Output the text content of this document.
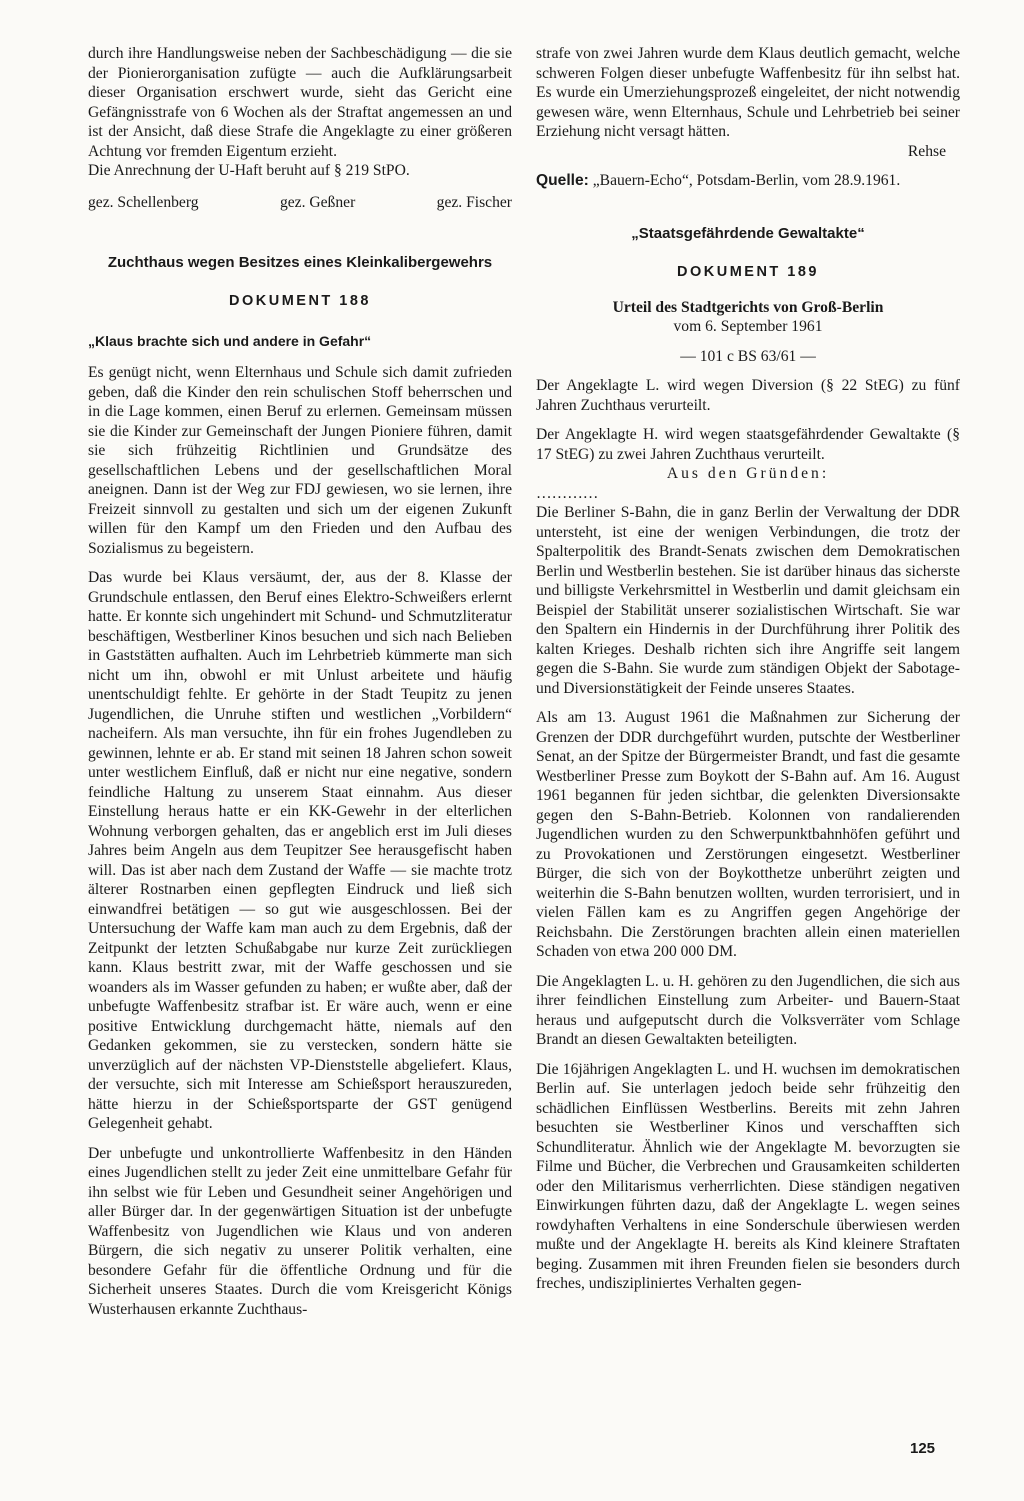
durch ihre Handlungsweise neben der Sachbeschädigung — die sie der Pionierorganisation zufügte — auch die Aufklärungsarbeit dieser Organisation erschwert wurde, sieht das Gericht eine Gefängnisstrafe von 6 Wochen als der Straftat angemessen an und ist der Ansicht, daß diese Strafe die Angeklagte zu einer größeren Achtung vor fremden Eigentum erzieht.

Die Anrechnung der U-Haft beruht auf § 219 StPO.

gez. Schellenberg	gez. Geßner	gez. Fischer
Zuchthaus wegen Besitzes eines Kleinkalibergewehrs
DOKUMENT 188
„Klaus brachte sich und andere in Gefahr“

Es genügt nicht, wenn Elternhaus und Schule sich damit zufrieden geben, daß die Kinder den rein schulischen Stoff beherrschen und in die Lage kommen, einen Beruf zu erlernen. Gemeinsam müssen sie die Kinder zur Gemeinschaft der Jungen Pioniere führen, damit sie sich frühzeitig Richtlinien und Grundsätze des gesellschaftlichen Lebens und der gesellschaftlichen Moral aneignen. Dann ist der Weg zur FDJ gewiesen, wo sie lernen, ihre Freizeit sinnvoll zu gestalten und sich um der eigenen Zukunft willen für den Kampf um den Frieden und den Aufbau des Sozialismus zu begeistern.

Das wurde bei Klaus versäumt, der, aus der 8. Klasse der Grundschule entlassen, den Beruf eines Elektro-Schweißers erlernt hatte. Er konnte sich ungehindert mit Schund- und Schmutzliteratur beschäftigen, Westberliner Kinos besuchen und sich nach Belieben in Gaststätten aufhalten. Auch im Lehrbetrieb kümmerte man sich nicht um ihn, obwohl er mit Unlust arbeitete und häufig unentschuldigt fehlte. Er gehörte in der Stadt Teupitz zu jenen Jugendlichen, die Unruhe stiften und westlichen „Vorbildern“ nacheifern. Als man versuchte, ihn für ein frohes Jugendleben zu gewinnen, lehnte er ab. Er stand mit seinen 18 Jahren schon soweit unter westlichem Einfluß, daß er nicht nur eine negative, sondern feindliche Haltung zu unserem Staat einnahm. Aus dieser Einstellung heraus hatte er ein KK-Gewehr in der elterlichen Wohnung verborgen gehalten, das er angeblich erst im Juli dieses Jahres beim Angeln aus dem Teupitzer See herausgefischt haben will. Das ist aber nach dem Zustand der Waffe — sie machte trotz älterer Rostnarben einen gepflegten Eindruck und ließ sich einwandfrei betätigen — so gut wie ausgeschlossen. Bei der Untersuchung der Waffe kam man auch zu dem Ergebnis, daß der Zeitpunkt der letzten Schußabgabe nur kurze Zeit zurückliegen kann. Klaus bestritt zwar, mit der Waffe geschossen und sie woanders als im Wasser gefunden zu haben; er wußte aber, daß der unbefugte Waffenbesitz strafbar ist. Er wäre auch, wenn er eine positive Entwicklung durchgemacht hätte, niemals auf den Gedanken gekommen, sie zu verstecken, sondern hätte sie unverzüglich auf der nächsten VP-Dienststelle abgeliefert. Klaus, der versuchte, sich mit Interesse am Schießsport herauszureden, hätte hierzu in der Schießsportsparte der GST genügend Gelegenheit gehabt.

Der unbefugte und unkontrollierte Waffenbesitz in den Händen eines Jugendlichen stellt zu jeder Zeit eine unmittelbare Gefahr für ihn selbst wie für Leben und Gesundheit seiner Angehörigen und aller Bürger dar. In der gegenwärtigen Situation ist der unbefugte Waffenbesitz von Jugendlichen wie Klaus und von anderen Bürgern, die sich negativ zu unserer Politik verhalten, eine besondere Gefahr für die öffentliche Ordnung und für die Sicherheit unseres Staates. Durch die vom Kreisgericht Königs Wusterhausen erkannte Zuchthaus-

strafe von zwei Jahren wurde dem Klaus deutlich gemacht, welche schweren Folgen dieser unbefugte Waffenbesitz für ihn selbst hat. Es wurde ein Umerziehungsprozeß eingeleitet, der nicht notwendig gewesen wäre, wenn Elternhaus, Schule und Lehrbetrieb bei seiner Erziehung nicht versagt hätten.

Rehse

Quelle: „Bauern-Echo“, Potsdam-Berlin, vom 28.9.1961.

„Staatsgefährdende Gewaltakte“
DOKUMENT 189

Urteil des Stadtgerichts von Groß-Berlin

vom 6. September 1961

— 101 c BS 63/61 —

Der Angeklagte L. wird wegen Diversion (§ 22 StEG) zu fünf Jahren Zuchthaus verurteilt.

Der Angeklagte H. wird wegen staatsgefährdender Gewaltakte (§ 17 StEG) zu zwei Jahren Zuchthaus verurteilt.

Aus den Gründen:

…………

Die Berliner S-Bahn, die in ganz Berlin der Verwaltung der DDR untersteht, ist eine der wenigen Verbindungen, die trotz der Spalterpolitik des Brandt-Senats zwischen dem Demokratischen Berlin und Westberlin bestehen. Sie ist darüber hinaus das sicherste und billigste Verkehrsmittel in Westberlin und damit gleichsam ein Beispiel der Stabilität unserer sozialistischen Wirtschaft. Sie war den Spaltern ein Hindernis in der Durchführung ihrer Politik des kalten Krieges. Deshalb richten sich ihre Angriffe seit langem gegen die S-Bahn. Sie wurde zum ständigen Objekt der Sabotage- und Diversionstätigkeit der Feinde unseres Staates.

Als am 13. August 1961 die Maßnahmen zur Sicherung der Grenzen der DDR durchgeführt wurden, putschte der Westberliner Senat, an der Spitze der Bürgermeister Brandt, und fast die gesamte Westberliner Presse zum Boykott der S-Bahn auf. Am 16. August 1961 begannen für jeden sichtbar, die gelenkten Diversionsakte gegen den S-Bahn-Betrieb. Kolonnen von randalierenden Jugendlichen wurden zu den Schwerpunktbahnhöfen geführt und zu Provokationen und Zerstörungen eingesetzt. Westberliner Bürger, die sich von der Boykotthetze unberührt zeigten und weiterhin die S-Bahn benutzen wollten, wurden terrorisiert, und in vielen Fällen kam es zu Angriffen gegen Angehörige der Reichsbahn. Die Zerstörungen brachten allein einen materiellen Schaden von etwa 200 000 DM.

Die Angeklagten L. u. H. gehören zu den Jugendlichen, die sich aus ihrer feindlichen Einstellung zum Arbeiter- und Bauern-Staat heraus und aufgeputscht durch die Volksverräter vom Schlage Brandt an diesen Gewaltakten beteiligten.

Die 16jährigen Angeklagten L. und H. wuchsen im demokratischen Berlin auf. Sie unterlagen jedoch beide sehr frühzeitig den schädlichen Einflüssen Westberlins. Bereits mit zehn Jahren besuchten sie Westberliner Kinos und verschafften sich Schundliteratur. Ähnlich wie der Angeklagte M. bevorzugten sie Filme und Bücher, die Verbrechen und Grausamkeiten schilderten oder den Militarismus verherrlichten. Diese ständigen negativen Einwirkungen führten dazu, daß der Angeklagte L. wegen seines rowdyhaften Verhaltens in eine Sonderschule überwiesen werden mußte und der Angeklagte H. bereits als Kind kleinere Straftaten beging. Zusammen mit ihren Freunden fielen sie besonders durch freches, undiszipliniertes Verhalten gegen-

125
